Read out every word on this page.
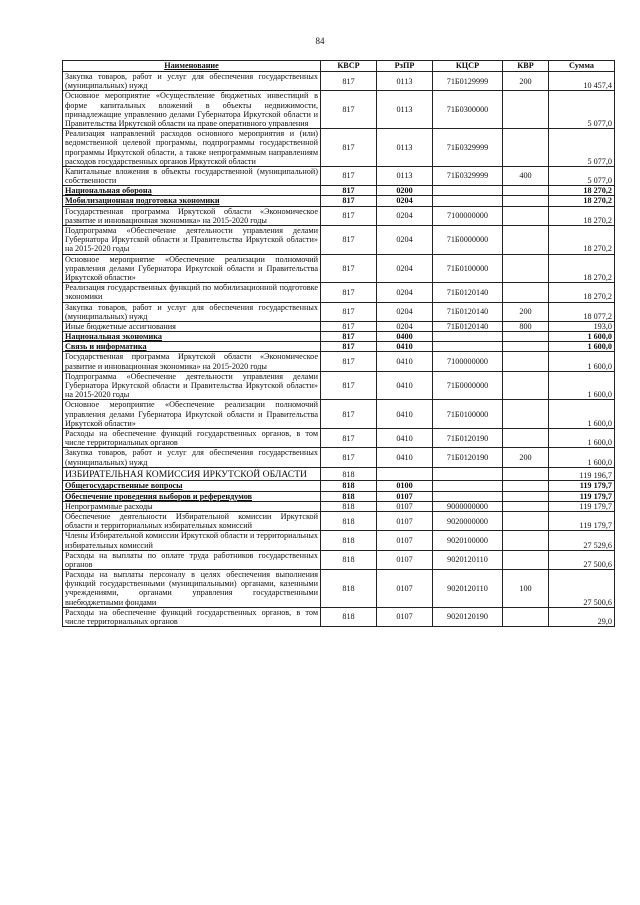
84
Наименование	КВСР	РзПР	КЦСР	КВР	Сумма
Закупка товаров, работ и услуг для обеспечения государственных (муниципальных) нужд	817	0113	71Б0129999	200	10 457,4
Основное мероприятие «Осуществление бюджетных инвестиций в форме капитальных вложений в объекты недвижимости, принадлежащие управлению делами Губернатора Иркутской области и Правительства Иркутской области на праве оперативного управления	817	0113	71Б0300000		5 077,0
Реализация направлений расходов основного мероприятия и (или) ведомственной целевой программы, подпрограммы государственной программы Иркутской области, а также непрограммным направлениям расходов государственных органов Иркутской области	817	0113	71Б0329999		5 077,0
Капитальные вложения в объекты государственной (муниципальной) собственности	817	0113	71Б0329999	400	5 077,0
Национальная оборона	817	0200			18 270,2
Мобилизационная подготовка экономики	817	0204			18 270,2
Государственная программа Иркутской области «Экономическое развитие и инновационная экономика» на 2015-2020 годы	817	0204	7100000000		18 270,2
Подпрограмма «Обеспечение деятельности управления делами Губернатора Иркутской области и Правительства Иркутской области» на 2015-2020 годы	817	0204	71Б0000000		18 270,2
Основное мероприятие «Обеспечение реализации полномочий управления делами Губернатора Иркутской области и Правительства Иркутской области»	817	0204	71Б0100000		18 270,2
Реализация государственных функций по мобилизационной подготовке экономики	817	0204	71Б0120140		18 270,2
Закупка товаров, работ и услуг для обеспечения государственных (муниципальных) нужд	817	0204	71Б0120140	200	18 077,2
Иные бюджетные ассигнования	817	0204	71Б0120140	800	193,0
Национальная экономика	817	0400			1 600,0
Связь и информатика	817	0410			1 600,0
Государственная программа Иркутской области «Экономическое развитие и инновационная экономика» на 2015-2020 годы	817	0410	7100000000		1 600,0
Подпрограмма «Обеспечение деятельности управления делами Губернатора Иркутской области и Правительства Иркутской области» на 2015-2020 годы	817	0410	71Б0000000		1 600,0
Основное мероприятие «Обеспечение реализации полномочий управления делами Губернатора Иркутской области и Правительства Иркутской области»	817	0410	71Б0100000		1 600,0
Расходы на обеспечение функций государственных органов, в том числе территориальных органов	817	0410	71Б0120190		1 600,0
Закупка товаров, работ и услуг для обеспечения государственных (муниципальных) нужд	817	0410	71Б0120190	200	1 600,0
ИЗБИРАТЕЛЬНАЯ КОМИССИЯ ИРКУТСКОЙ ОБЛАСТИ	818				119 196,7
Общегосударственные вопросы	818	0100			119 179,7
Обеспечение проведения выборов и референдумов	818	0107			119 179,7
Непрограммные расходы	818	0107	9000000000		119 179,7
Обеспечение деятельности Избирательной комиссии Иркутской области и территориальных избирательных комиссий	818	0107	9020000000		119 179,7
Члены Избирательной комиссии Иркутской области и территориальных избирательных комиссий	818	0107	9020100000		27 529,6
Расходы на выплаты по оплате труда работников государственных органов	818	0107	9020120110		27 500,6
Расходы на выплаты персоналу в целях обеспечения выполнения функций государственными (муниципальными) органами, казенными учреждениями, органами управления государственными внебюджетными фондами	818	0107	9020120110	100	27 500,6
Расходы на обеспечение функций государственных органов, в том числе территориальных органов	818	0107	9020120190		29,0
